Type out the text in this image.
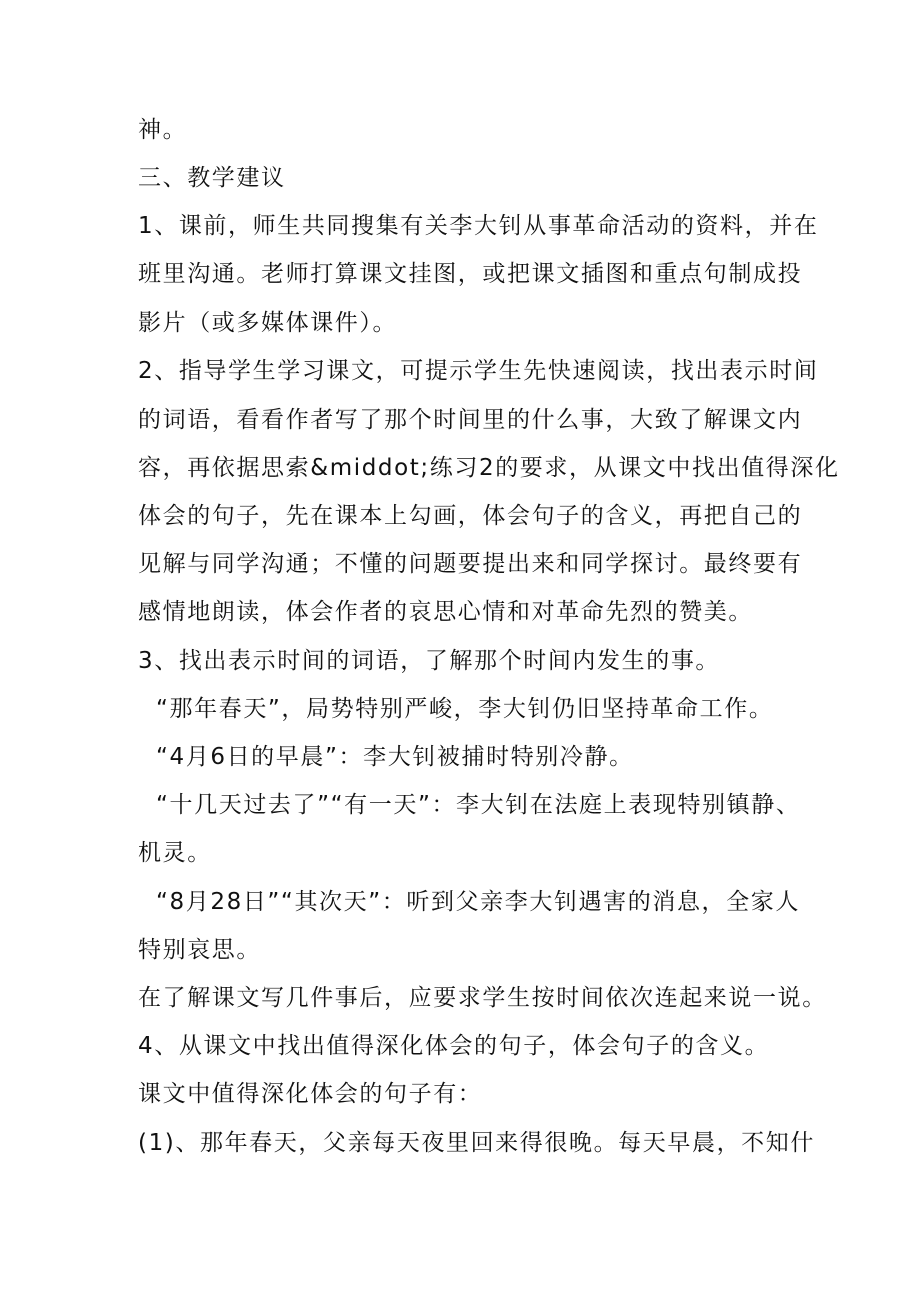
神。
三、教学建议
1、课前，师生共同搜集有关李大钊从事革命活动的资料，并在
班里沟通。老师打算课文挂图，或把课文插图和重点句制成投
影片（或多媒体课件）。
2、指导学生学习课文，可提示学生先快速阅读，找出表示时间
的词语，看看作者写了那个时间里的什么事，大致了解课文内
容，再依据思索&middot;练习2的要求，从课文中找出值得深化
体会的句子，先在课本上勾画，体会句子的含义，再把自己的
见解与同学沟通；不懂的问题要提出来和同学探讨。最终要有
感情地朗读，体会作者的哀思心情和对革命先烈的赞美。
3、找出表示时间的词语，了解那个时间内发生的事。
“那年春天”，局势特别严峻，李大钊仍旧坚持革命工作。
“4月6日的早晨”：李大钊被捕时特别冷静。
“十几天过去了”“有一天”：李大钊在法庭上表现特别镇静、
机灵。
“8月28日”“其次天”：听到父亲李大钊遇害的消息，全家人
特别哀思。
在了解课文写几件事后，应要求学生按时间依次连起来说一说。
4、从课文中找出值得深化体会的句子，体会句子的含义。
课文中值得深化体会的句子有：
(1)、那年春天，父亲每天夜里回来得很晚。每天早晨，不知什
